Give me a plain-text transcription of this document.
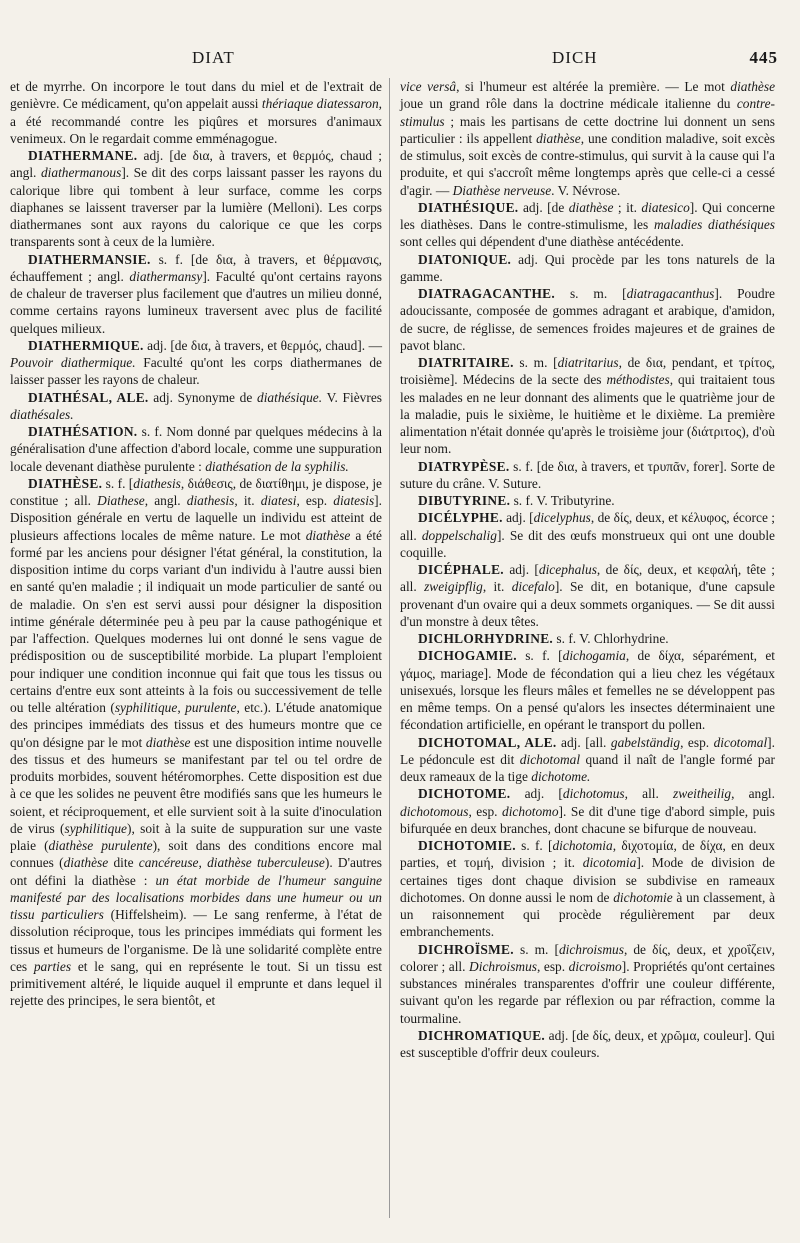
DIAT	DICH	445

et de myrrhe. On incorpore le tout dans du miel et de l'extrait de genièvre. Ce médicament, qu'on appelait aussi thériaque diatessaron, a été recommandé contre les piqûres et morsures d'animaux venimeux. On le regardait comme emménagogue.

DIATHERMANE. adj. [de δια, à travers, et θερμός, chaud ; angl. diathermanous]. Se dit des corps laissant passer les rayons du calorique libre qui tombent à leur surface, comme les corps diaphanes se laissent traverser par la lumière (Melloni). Les corps diathermanes sont aux rayons du calorique ce que les corps transparents sont à ceux de la lumière.

DIATHERMANSIE. s. f. [de δια, à travers, et θέρμανσις, échauffement ; angl. diathermansy]. Faculté qu'ont certains rayons de chaleur de traverser plus facilement que d'autres un milieu donné, comme certains rayons lumineux traversent avec plus de facilité quelques milieux.

DIATHERMIQUE. adj. [de δια, à travers, et θερμός, chaud]. — Pouvoir diathermique. Faculté qu'ont les corps diathermanes de laisser passer les rayons de chaleur.

DIATHÉSAL, ALE. adj. Synonyme de diathésique. V. Fièvres diathésales.

DIATHÉSATION. s. f. Nom donné par quelques médecins à la généralisation d'une affection d'abord locale, comme une suppuration locale devenant diathèse purulente : diathésation de la syphilis.

DIATHÈSE. s. f. [diathesis, διάθεσις, de διατίθημι, je dispose, je constitue ; all. Diathese, angl. diathesis, it. diatesi, esp. diatesis]. Disposition générale en vertu de laquelle un individu est atteint de plusieurs affections locales de même nature. Le mot diathèse a été formé par les anciens pour désigner l'état général, la constitution, la disposition intime du corps variant d'un individu à l'autre aussi bien en santé qu'en maladie ; il indiquait un mode particulier de santé ou de maladie. On s'en est servi aussi pour désigner la disposition intime générale déterminée peu à peu par la cause pathogénique et par l'affection. Quelques modernes lui ont donné le sens vague de prédisposition ou de susceptibilité morbide. La plupart l'emploient pour indiquer une condition inconnue qui fait que tous les tissus ou certains d'entre eux sont atteints à la fois ou successivement de telle ou telle altération (syphilitique, purulente, etc.). L'étude anatomique des principes immédiats des tissus et des humeurs montre que ce qu'on désigne par le mot diathèse est une disposition intime nouvelle des tissus et des humeurs se manifestant par tel ou tel ordre de produits morbides, souvent hétéromorphes. Cette disposition est due à ce que les solides ne peuvent être modifiés sans que les humeurs le soient, et réciproquement, et elle survient soit à la suite d'inoculation de virus (syphilitique), soit à la suite de suppuration sur une vaste plaie (diathèse purulente), soit dans des conditions encore mal connues (diathèse dite cancéreuse, diathèse tuberculeuse). D'autres ont défini la diathèse : un état morbide de l'humeur sanguine manifesté par des localisations morbides dans une humeur ou un tissu particuliers (Hiffelsheim). — Le sang renferme, à l'état de dissolution réciproque, tous les principes immédiats qui forment les tissus et humeurs de l'organisme. De là une solidarité complète entre ces parties et le sang, qui en représente le tout. Si un tissu est primitivement altéré, le liquide auquel il emprunte et dans lequel il rejette des principes, le sera bientôt, et

vice versâ, si l'humeur est altérée la première. — Le mot diathèse joue un grand rôle dans la doctrine médicale italienne du contre-stimulus ; mais les partisans de cette doctrine lui donnent un sens particulier : ils appellent diathèse, une condition maladive, soit excès de stimulus, soit excès de contre-stimulus, qui survit à la cause qui l'a produite, et qui s'accroît même longtemps après que celle-ci a cessé d'agir. — Diathèse nerveuse. V. Névrose.

DIATHÉSIQUE. adj. [de diathèse ; it. diatesico]. Qui concerne les diathèses. Dans le contre-stimulisme, les maladies diathésiques sont celles qui dépendent d'une diathèse antécédente.

DIATONIQUE. adj. Qui procède par les tons naturels de la gamme.

DIATRAGACANTHE. s. m. [diatragacanthus]. Poudre adoucissante, composée de gommes adragant et arabique, d'amidon, de sucre, de réglisse, de semences froides majeures et de graines de pavot blanc.

DIATRITAIRE. s. m. [diatritarius, de δια, pendant, et τρίτος, troisième]. Médecins de la secte des méthodistes, qui traitaient tous les malades en ne leur donnant des aliments que le quatrième jour de la maladie, puis le sixième, le huitième et le dixième. La première alimentation n'était donnée qu'après le troisième jour (διάτριτος), d'où leur nom.

DIATRYPÈSE. s. f. [de δια, à travers, et τρυπᾶν, forer]. Sorte de suture du crâne. V. Suture.

DIBUTYRINE. s. f. V. Tributyrine.

DICÉLYPHE. adj. [dicelyphus, de δίς, deux, et κέλυφος, écorce ; all. doppelschalig]. Se dit des œufs monstrueux qui ont une double coquille.

DICÉPHALE. adj. [dicephalus, de δίς, deux, et κεφαλή, tête ; all. zweigipflig, it. dicefalo]. Se dit, en botanique, d'une capsule provenant d'un ovaire qui a deux sommets organiques. — Se dit aussi d'un monstre à deux têtes.

DICHLORHYDRINE. s. f. V. Chlorhydrine.

DICHOGAMIE. s. f. [dichogamia, de δίχα, séparément, et γάμος, mariage]. Mode de fécondation qui a lieu chez les végétaux unisexués, lorsque les fleurs mâles et femelles ne se développent pas en même temps. On a pensé qu'alors les insectes déterminaient une fécondation artificielle, en opérant le transport du pollen.

DICHOTOMAL, ALE. adj. [all. gabelständig, esp. dicotomal]. Le pédoncule est dit dichotomal quand il naît de l'angle formé par deux rameaux de la tige dichotome.

DICHOTOME. adj. [dichotomus, all. zweitheilig, angl. dichotomous, esp. dichotomo]. Se dit d'une tige d'abord simple, puis bifurquée en deux branches, dont chacune se bifurque de nouveau.

DICHOTOMIE. s. f. [dichotomia, διχοτομία, de δίχα, en deux parties, et τομή, division ; it. dicotomia]. Mode de division de certaines tiges dont chaque division se subdivise en rameaux dichotomes. On donne aussi le nom de dichotomie à un classement, à un raisonnement qui procède régulièrement par deux embranchements.

DICHROÏSME. s. m. [dichroismus, de δίς, deux, et χροΐζειν, colorer ; all. Dichroismus, esp. dicroismo]. Propriétés qu'ont certaines substances minérales transparentes d'offrir une couleur différente, suivant qu'on les regarde par réflexion ou par réfraction, comme la tourmaline.

DICHROMATIQUE. adj. [de δίς, deux, et χρῶμα, couleur]. Qui est susceptible d'offrir deux couleurs.
